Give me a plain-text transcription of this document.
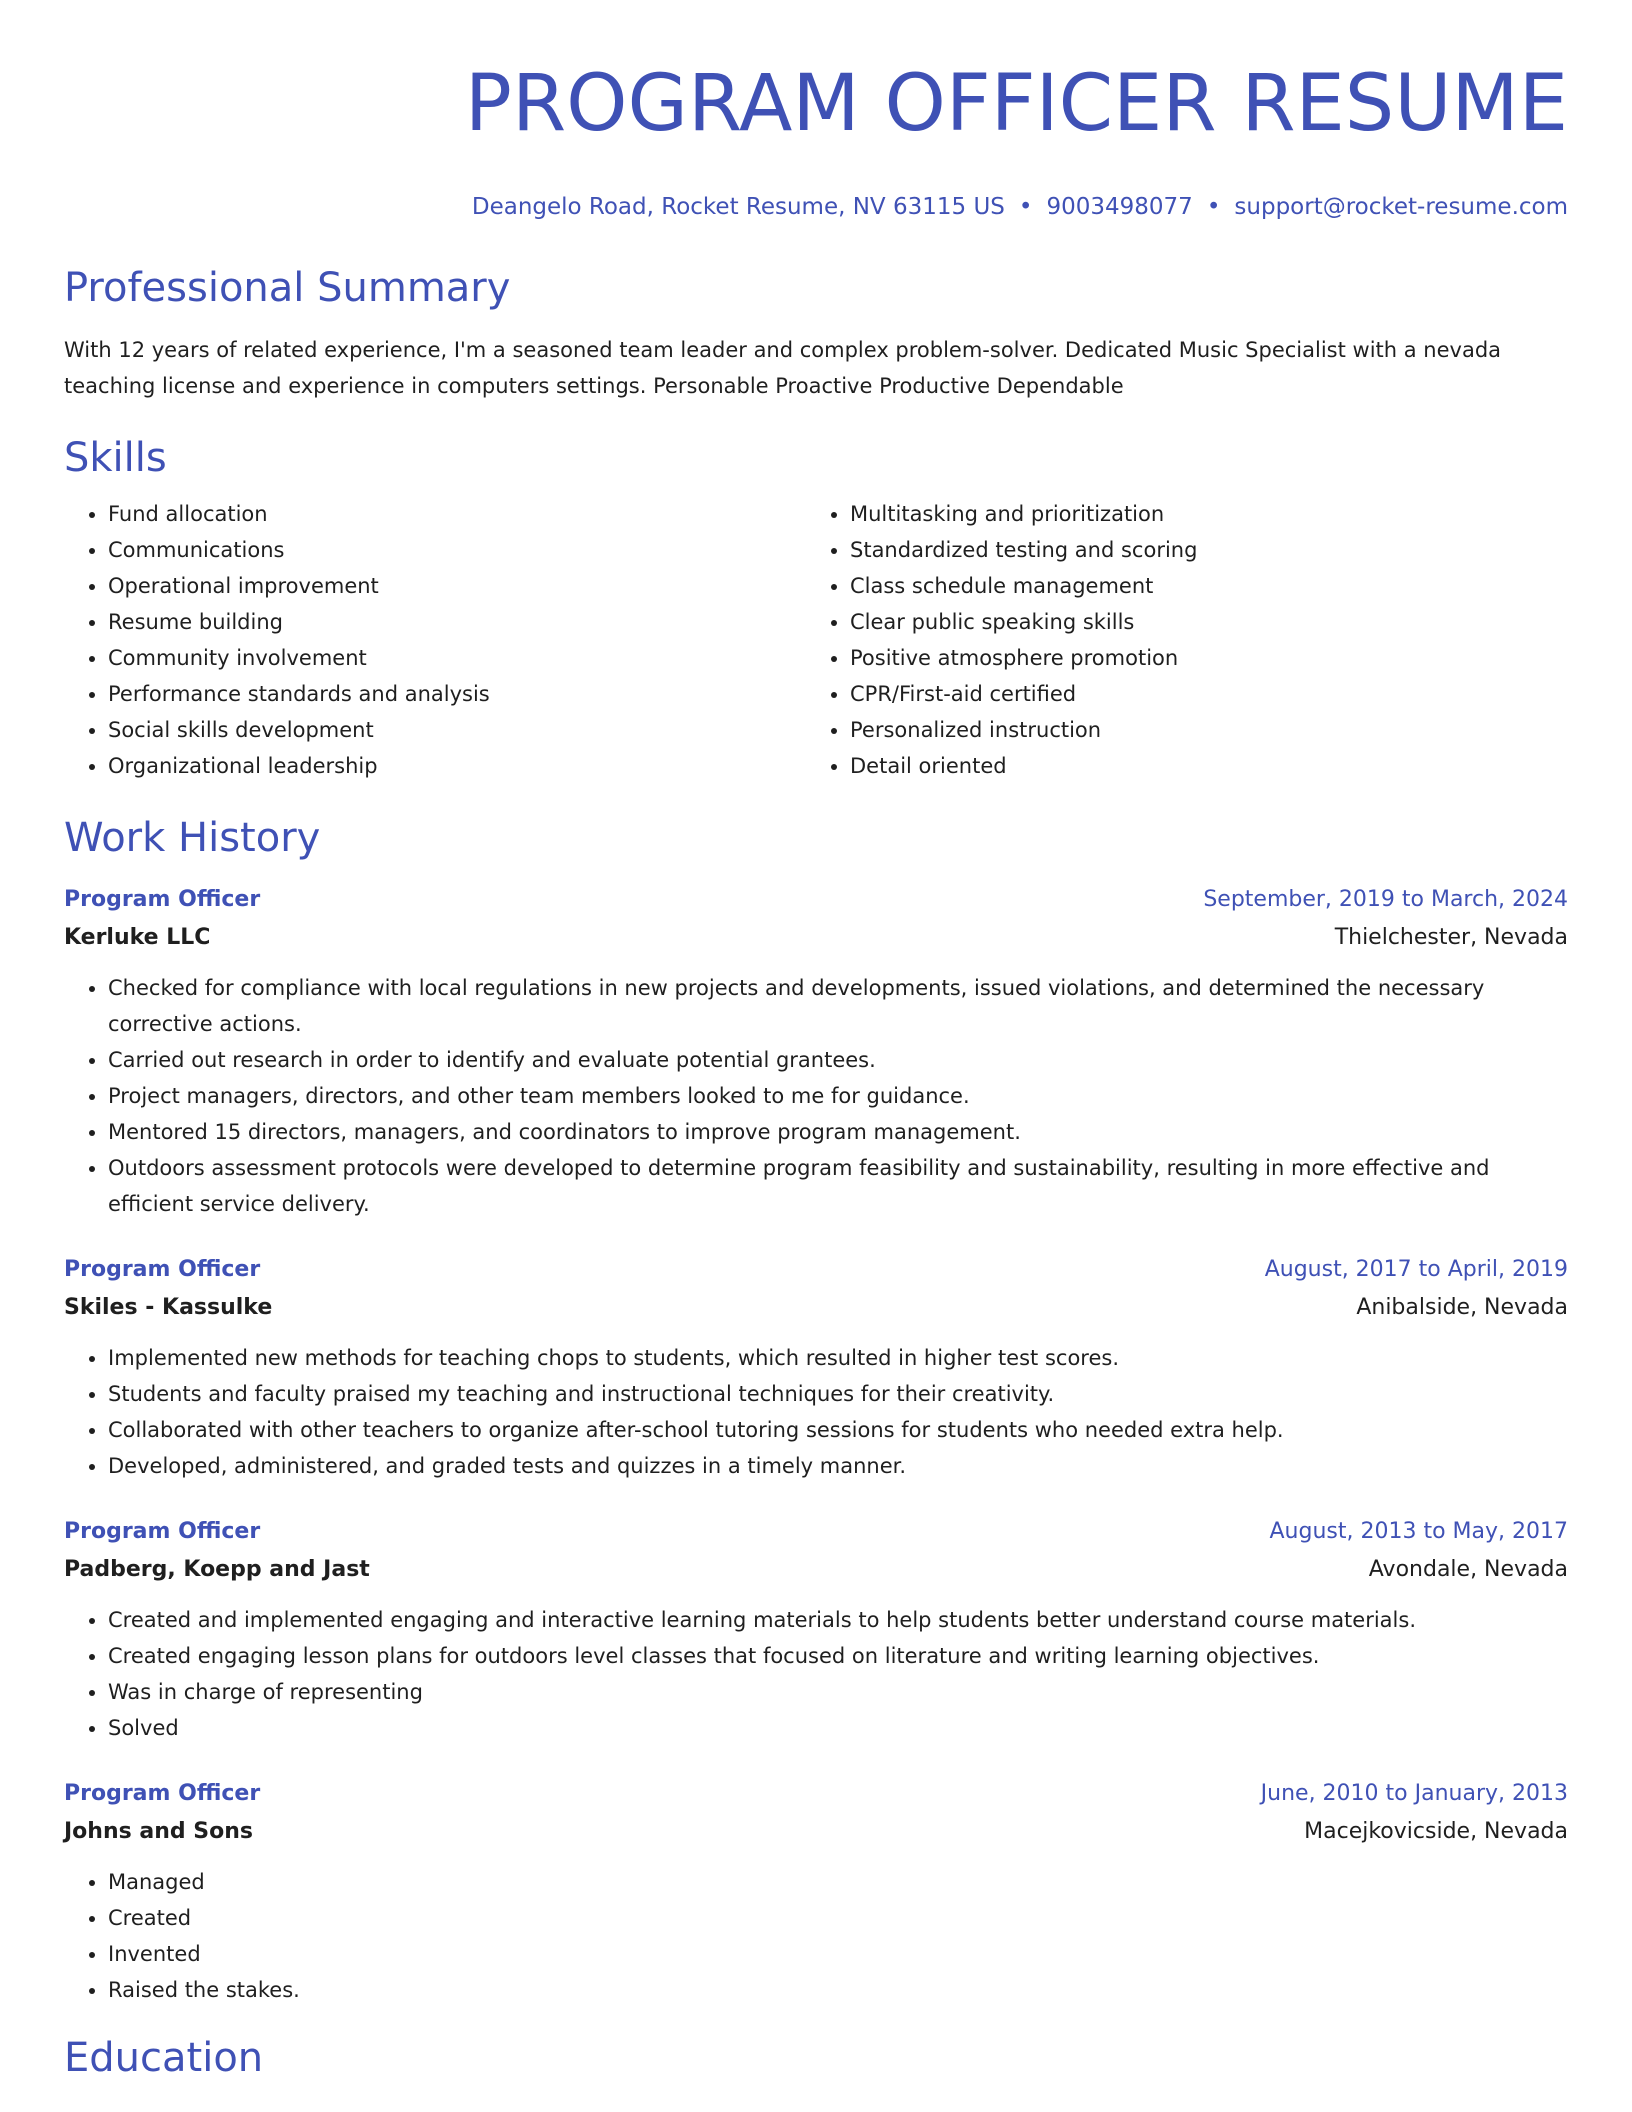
PROGRAM OFFICER RESUME
Deangelo Road, Rocket Resume, NV 63115 US • 9003498077 • support@rocket-resume.com
Professional Summary

With 12 years of related experience, I'm a seasoned team leader and complex problem-solver. Dedicated Music Specialist with a nevada teaching license and experience in computers settings. Personable Proactive Productive Dependable

Skills
• Fund allocation
• Communications
• Operational improvement
• Resume building
• Community involvement
• Performance standards and analysis
• Social skills development
• Organizational leadership
• Multitasking and prioritization
• Standardized testing and scoring
• Class schedule management
• Clear public speaking skills
• Positive atmosphere promotion
• CPR/First-aid certified
• Personalized instruction
• Detail oriented
Work History
Program Officer	September, 2019 to March, 2024
Kerluke LLC	Thielchester, Nevada
• Checked for compliance with local regulations in new projects and developments, issued violations, and determined the necessary corrective actions.
• Carried out research in order to identify and evaluate potential grantees.
• Project managers, directors, and other team members looked to me for guidance.
• Mentored 15 directors, managers, and coordinators to improve program management.
• Outdoors assessment protocols were developed to determine program feasibility and sustainability, resulting in more effective and efficient service delivery.
Program Officer	August, 2017 to April, 2019
Skiles - Kassulke	Anibalside, Nevada
• Implemented new methods for teaching chops to students, which resulted in higher test scores.
• Students and faculty praised my teaching and instructional techniques for their creativity.
• Collaborated with other teachers to organize after-school tutoring sessions for students who needed extra help.
• Developed, administered, and graded tests and quizzes in a timely manner.
Program Officer	August, 2013 to May, 2017
Padberg, Koepp and Jast	Avondale, Nevada
• Created and implemented engaging and interactive learning materials to help students better understand course materials.
• Created engaging lesson plans for outdoors level classes that focused on literature and writing learning objectives.
• Was in charge of representing
• Solved
Program Officer	June, 2010 to January, 2013
Johns and Sons	Macejkovicside, Nevada
• Managed
• Created
• Invented
• Raised the stakes.
Education
